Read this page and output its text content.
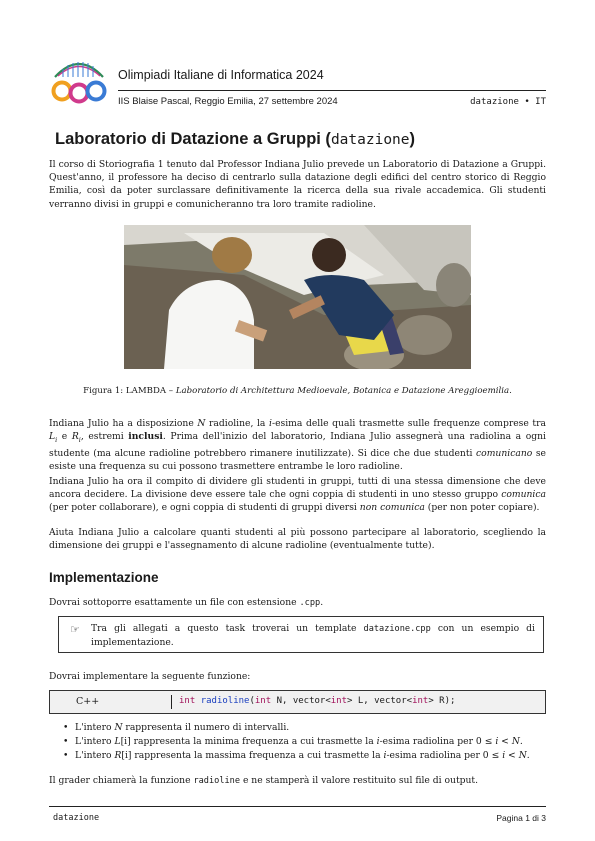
Olimpiadi Italiane di Informatica 2024
IIS Blaise Pascal, Reggio Emilia, 27 settembre 2024	datazione • IT
Laboratorio di Datazione a Gruppi (datazione)
Il corso di Storiografia 1 tenuto dal Professor Indiana Julio prevede un Laboratorio di Datazione a Gruppi. Quest'anno, il professore ha deciso di centrarlo sulla datazione degli edifici del centro storico di Reggio Emilia, così da poter surclassare definitivamente la ricerca della sua rivale accademica. Gli studenti verranno divisi in gruppi e comunicheranno tra loro tramite radioline.
Figura 1: LAMBDA – Laboratorio di Architettura Medioevale, Botanica e Datazione Areggioemilia.
Indiana Julio ha a disposizione N radioline, la i-esima delle quali trasmette sulle frequenze comprese tra $L_i$ e $R_i$, estremi inclusi. Prima dell'inizio del laboratorio, Indiana Julio assegnerà una radiolina a ogni studente (ma alcune radioline potrebbero rimanere inutilizzate). Si dice che due studenti comunicano se esiste una frequenza su cui possono trasmettere entrambe le loro radioline.
Indiana Julio ha ora il compito di dividere gli studenti in gruppi, tutti di una stessa dimensione che deve ancora decidere. La divisione deve essere tale che ogni coppia di studenti in uno stesso gruppo comunica (per poter collaborare), e ogni coppia di studenti di gruppi diversi non comunica (per non poter copiare).
Aiuta Indiana Julio a calcolare quanti studenti al più possono partecipare al laboratorio, scegliendo la dimensione dei gruppi e l'assegnamento di alcune radioline (eventualmente tutte).
Implementazione
Dovrai sottoporre esattamente un file con estensione .cpp.
☞ Tra gli allegati a questo task troverai un template datazione.cpp con un esempio di implementazione.
Dovrai implementare la seguente funzione:
C++	int radioline(int N, vector<int> L, vector<int> R);
• L'intero N rappresenta il numero di intervalli.
• L'intero L[i] rappresenta la minima frequenza a cui trasmette la i-esima radiolina per 0 ≤ i < N.
• L'intero R[i] rappresenta la massima frequenza a cui trasmette la i-esima radiolina per 0 ≤ i < N.
Il grader chiamerà la funzione radioline e ne stamperà il valore restituito sul file di output.
datazione	Pagina 1 di 3
